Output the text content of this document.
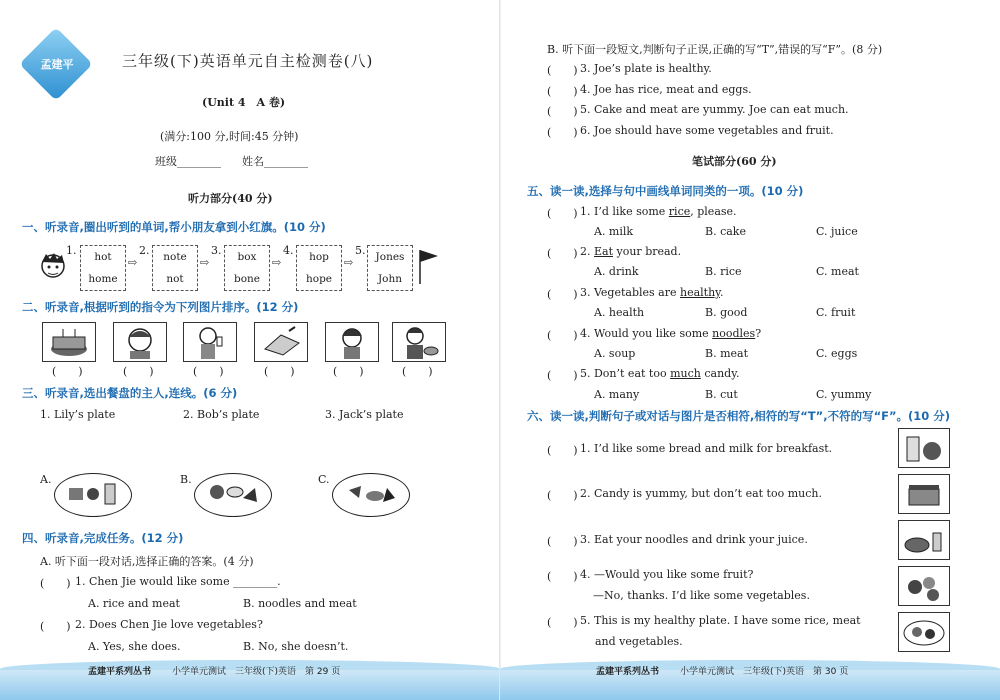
孟建平	三年级(下)英语单元自主检测卷(八)
(Unit 4　A 卷)
(满分:100 分,时间:45 分钟)
班级________ 姓名________
听力部分(40 分)
一、听录音,圈出听到的单词,帮小朋友拿到小红旗。(10 分)
1.	hot
home
⇨
2.	note
not
⇨
3.	box
bone
⇨
4.	hop
hope
⇨
5. Jones
John
二、听录音,根据听到的指令为下列图片排序。(12 分)
(　　)	(　　)	(　　)	(　　)	(　　)	(　　)
三、听录音,选出餐盘的主人,连线。(6 分)
1. Lily’s plate	2. Bob’s plate	3. Jack’s plate
A.	B.	C.
四、听录音,完成任务。(12 分)
A. 听下面一段对话,选择正确的答案。(4 分)
(　　) 1. Chen Jie would like some ________.
A. rice and meat	B. noodles and meat
(　　) 2. Does Chen Jie love vegetables?
A. Yes, she does.	B. No, she doesn’t.
孟建平系列丛书 小学单元测试　三年级(下)英语　第 29 页
B. 听下面一段短文,判断句子正误,正确的写“T”,错误的写“F”。(8 分)
(　　) 3. Joe’s plate is healthy.
(　　) 4. Joe has rice, meat and eggs.
(　　) 5. Cake and meat are yummy. Joe can eat much.
(　　) 6. Joe should have some vegetables and fruit.
笔试部分(60 分)
五、读一读,选择与句中画线单词同类的一项。(10 分)
(　　) 1. I’d like some rice, please.
A. milk	B. cake	C. juice
(　　) 2. Eat your bread.
A. drink	B. rice	C. meat
(　　) 3. Vegetables are healthy.
A. health	B. good	C. fruit
(　　) 4. Would you like some noodles?
A. soup	B. meat	C. eggs
(　　) 5. Don’t eat too much candy.
A. many	B. cut	C. yummy
六、读一读,判断句子或对话与图片是否相符,相符的写“T”,不符的写“F”。(10 分)
(　　) 1. I’d like some bread and milk for breakfast.
(　　) 2. Candy is yummy, but don’t eat too much.
(　　) 3. Eat your noodles and drink your juice.
(　　) 4. —Would you like some fruit?
—No, thanks. I’d like some vegetables.
(　　) 5. This is my healthy plate. I have some rice, meat
and vegetables.
孟建平系列丛书 小学单元测试　三年级(下)英语　第 30 页
